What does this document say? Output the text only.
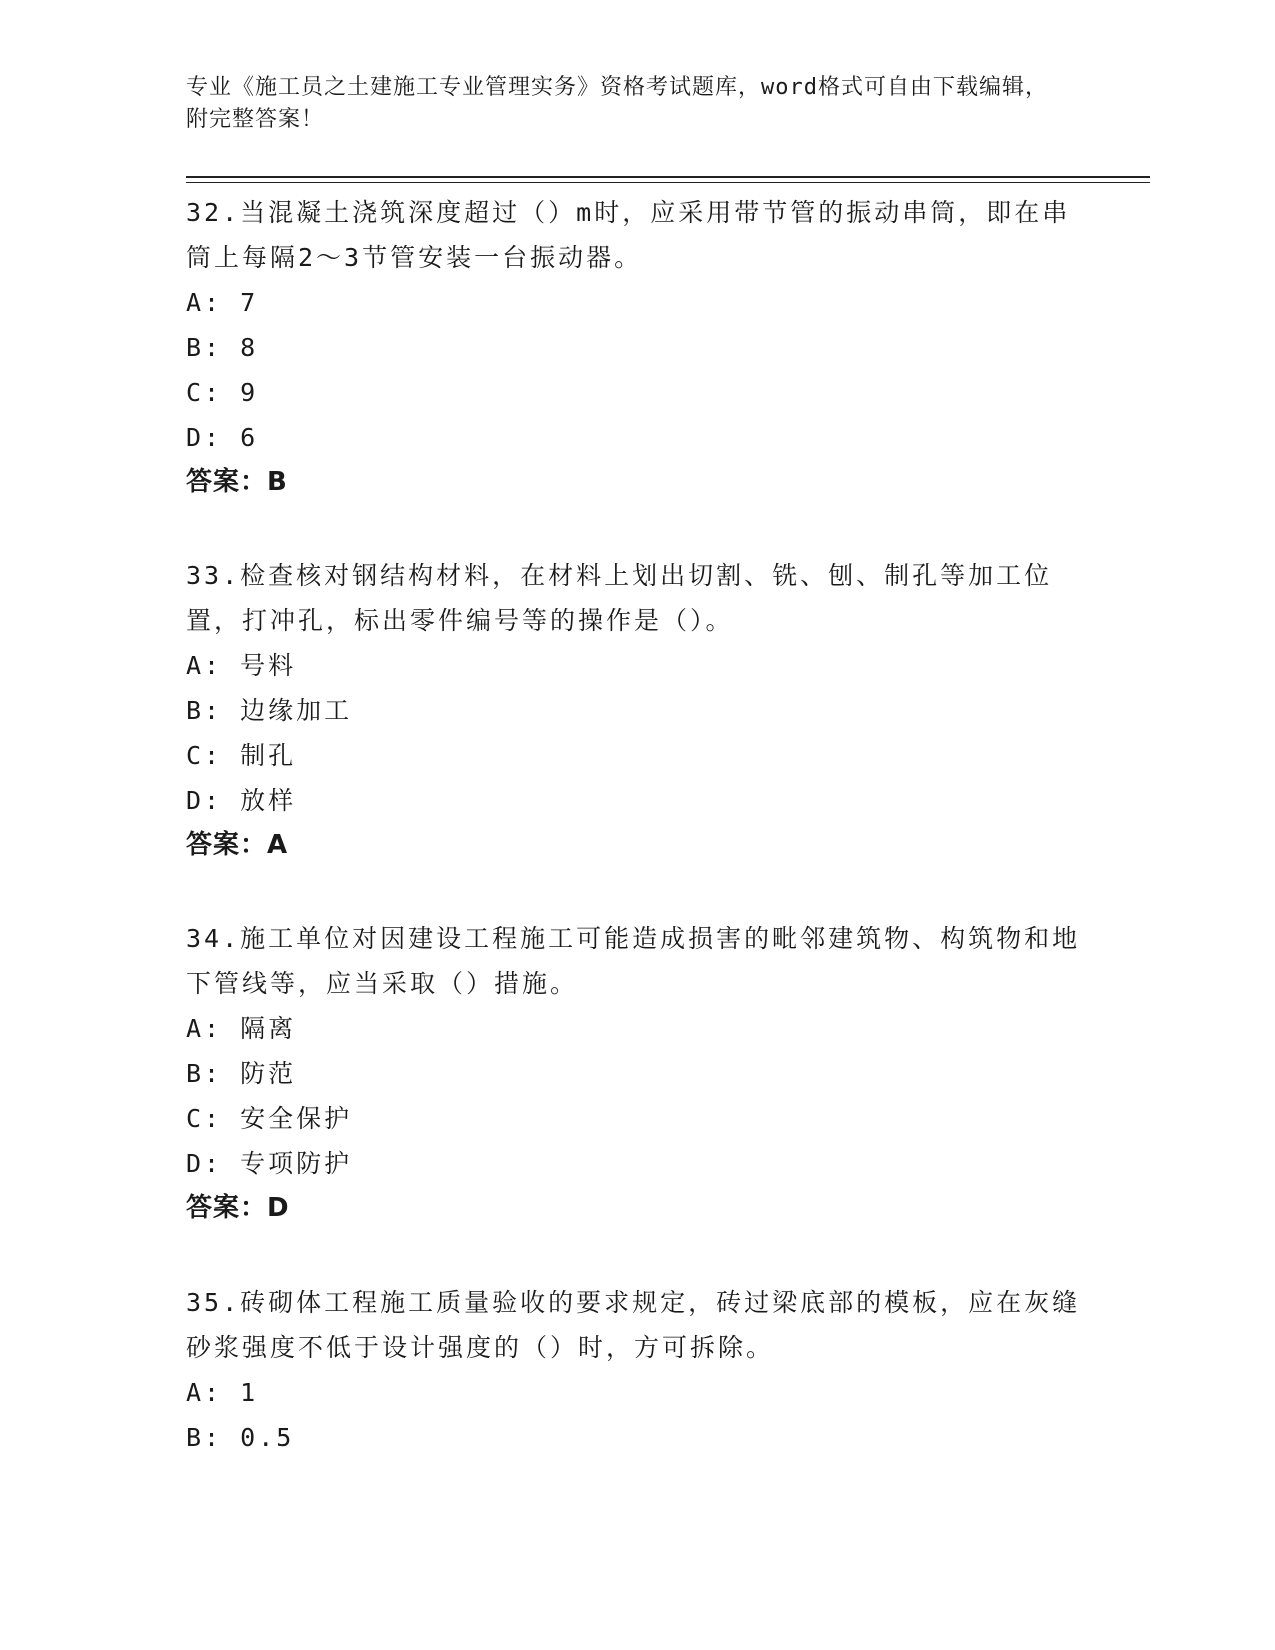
专业《施工员之土建施工专业管理实务》资格考试题库，word格式可自由下载编辑，附完整答案！

32.当混凝土浇筑深度超过（）m时，应采用带节管的振动串筒，即在串筒上每隔2～3节管安装一台振动器。

A: 7

B: 8

C: 9

D: 6

答案：B

33.检查核对钢结构材料，在材料上划出切割、铣、刨、制孔等加工位置，打冲孔，标出零件编号等的操作是（）。

A: 号料

B: 边缘加工

C: 制孔

D: 放样

答案：A

34.施工单位对因建设工程施工可能造成损害的毗邻建筑物、构筑物和地下管线等，应当采取（）措施。

A: 隔离

B: 防范

C: 安全保护

D: 专项防护

答案：D

35.砖砌体工程施工质量验收的要求规定，砖过梁底部的模板，应在灰缝砂浆强度不低于设计强度的（）时，方可拆除。

A: 1

B: 0.5
